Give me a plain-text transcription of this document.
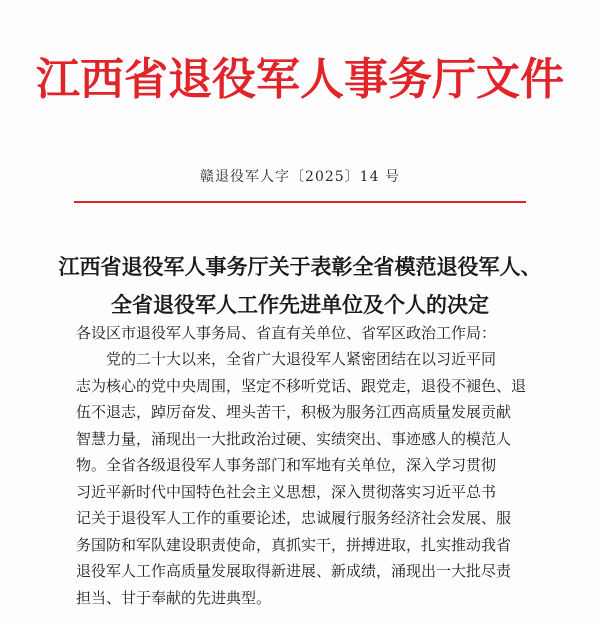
江西省退役军人事务厅文件
赣退役军人字〔2025〕14 号
江西省退役军人事务厅关于表彰全省模范退役军人、
全省退役军人工作先进单位及个人的决定
各设区市退役军人事务局、省直有关单位、省军区政治工作局：
　　党的二十大以来，全省广大退役军人紧密团结在以习近平同
志为核心的党中央周围，坚定不移听党话、跟党走，退役不褪色、退
伍不退志，踔厉奋发、埋头苦干，积极为服务江西高质量发展贡献
智慧力量，涌现出一大批政治过硬、实绩突出、事迹感人的模范人
物。全省各级退役军人事务部门和军地有关单位，深入学习贯彻
习近平新时代中国特色社会主义思想，深入贯彻落实习近平总书
记关于退役军人工作的重要论述，忠诚履行服务经济社会发展、服
务国防和军队建设职责使命，真抓实干，拼搏进取，扎实推动我省
退役军人工作高质量发展取得新进展、新成绩，涌现出一大批尽责
担当、甘于奉献的先进典型。
